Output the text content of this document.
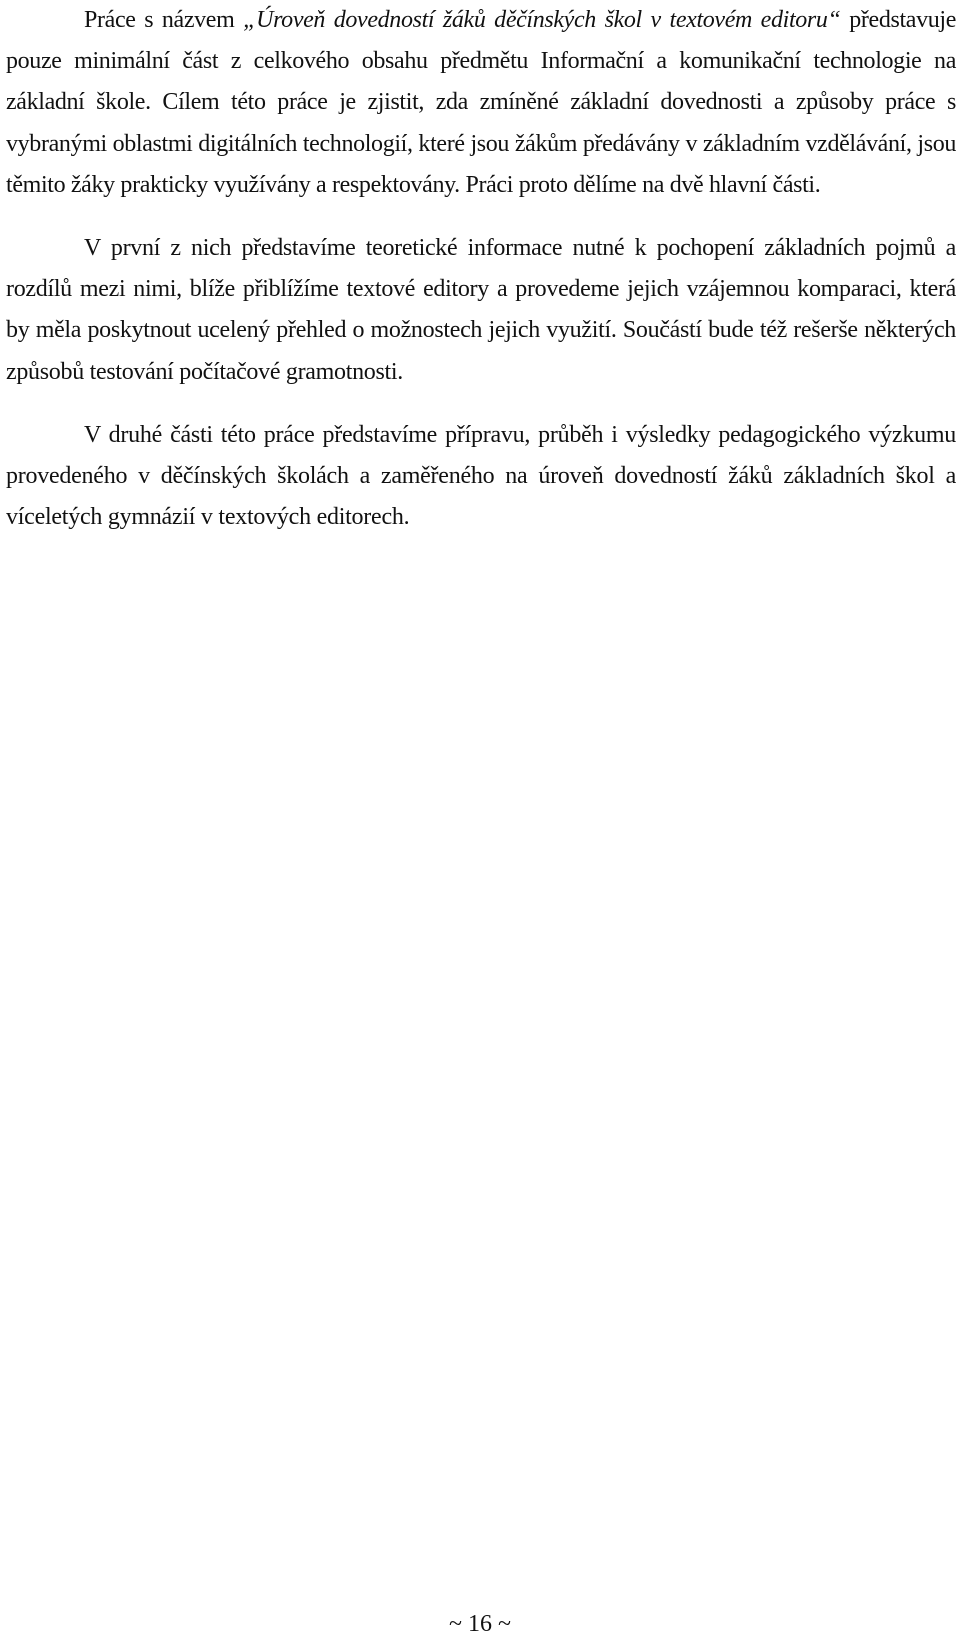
Práce s názvem „Úroveň dovedností žáků děčínských škol v textovém editoru“ představuje pouze minimální část z celkového obsahu předmětu Informační a komunikační technologie na základní škole. Cílem této práce je zjistit, zda zmíněné základní dovednosti a způsoby práce s vybranými oblastmi digitálních technologií, které jsou žákům předávány v základním vzdělávání, jsou těmito žáky prakticky využívány a respektovány. Práci proto dělíme na dvě hlavní části.

V první z nich představíme teoretické informace nutné k pochopení základních pojmů a rozdílů mezi nimi, blíže přiblížíme textové editory a provedeme jejich vzájemnou komparaci, která by měla poskytnout ucelený přehled o možnostech jejich využití. Součástí bude též rešerše některých způsobů testování počítačové gramotnosti.

V druhé části této práce představíme přípravu, průběh i výsledky pedagogického výzkumu provedeného v děčínských školách a zaměřeného na úroveň dovedností žáků základních škol a víceletých gymnázií v textových editorech.

~ 16 ~
